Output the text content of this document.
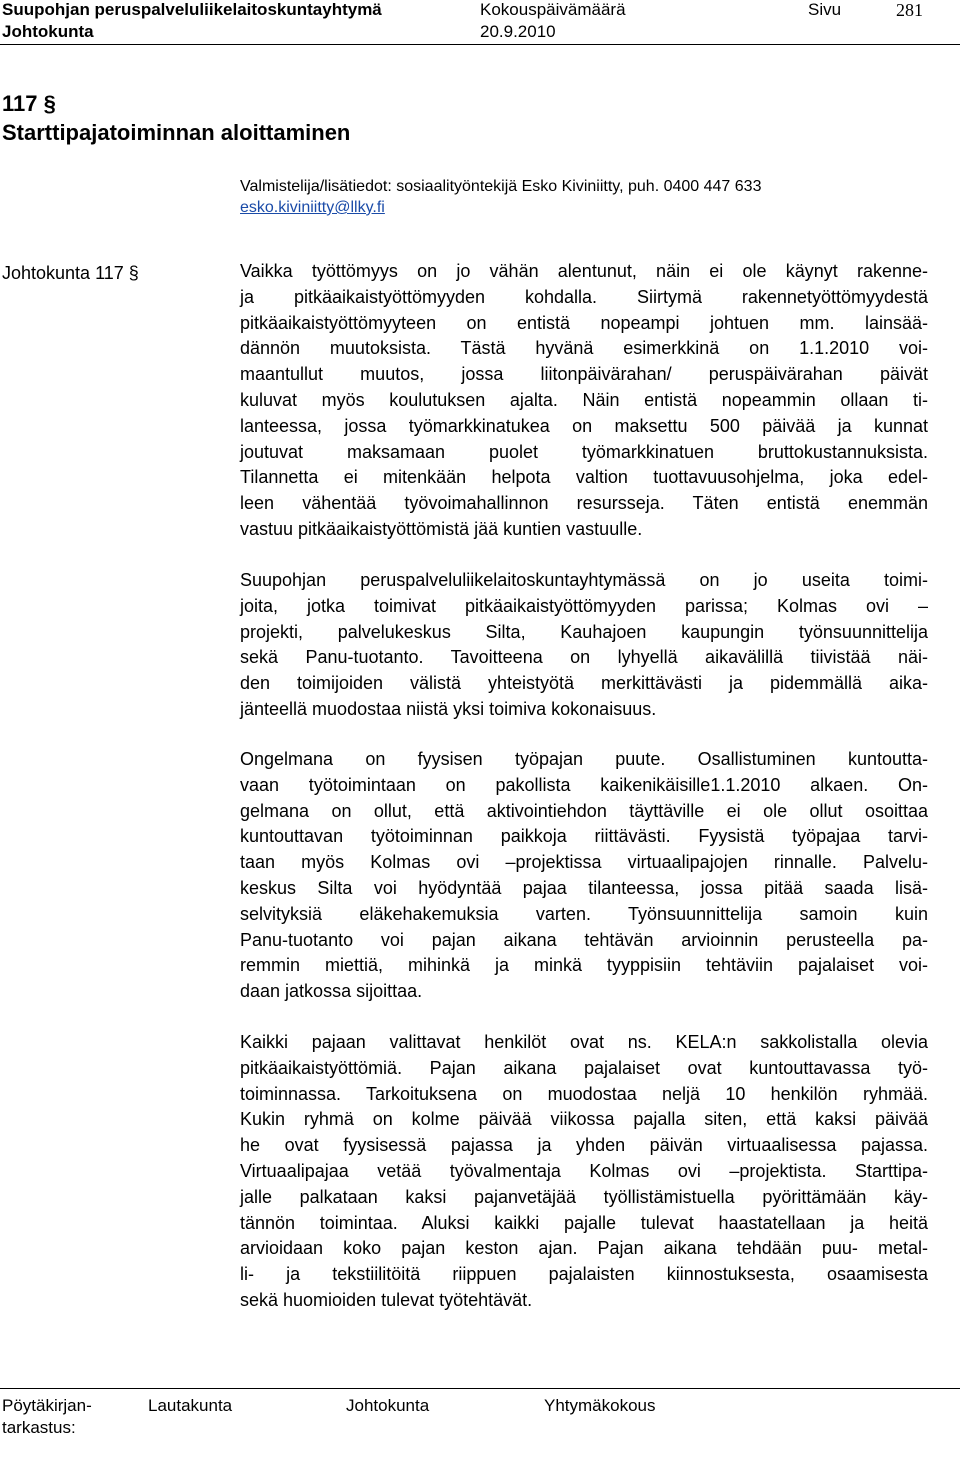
Suupohjan peruspalveluliikelaitoskuntayhtymä	Kokouspäivämäärä	Sivu	281
Johtokunta	20.9.2010
117 §
Starttipajatoiminnan aloittaminen
Valmistelija/lisätiedot: sosiaalityöntekijä Esko Kiviniitty, puh. 0400 447 633
esko.kiviniitty@llky.fi
Johtokunta 117 §	Vaikka työttömyys on jo vähän alentunut, näin ei ole käynyt rakenne-
ja pitkäaikaistyöttömyyden kohdalla. Siirtymä rakennetyöttömyydestä
pitkäaikaistyöttömyyteen on entistä nopeampi johtuen mm. lainsää-
dännön muutoksista. Tästä hyvänä esimerkkinä on 1.1.2010 voi-
maantullut muutos, jossa liitonpäivärahan/ peruspäivärahan päivät
kuluvat myös koulutuksen ajalta. Näin entistä nopeammin ollaan ti-
lanteessa, jossa työmarkkinatukea on maksettu 500 päivää ja kunnat
joutuvat maksamaan puolet työmarkkinatuen bruttokustannuksista.
Tilannetta ei mitenkään helpota valtion tuottavuusohjelma, joka edel-
leen vähentää työvoimahallinnon resursseja. Täten entistä enemmän
vastuu pitkäaikaistyöttömistä jää kuntien vastuulle.
Suupohjan peruspalveluliikelaitoskuntayhtymässä on jo useita toimi-
joita, jotka toimivat pitkäaikaistyöttömyyden parissa; Kolmas ovi –
projekti, palvelukeskus Silta, Kauhajoen kaupungin työnsuunnittelija
sekä Panu-tuotanto. Tavoitteena on lyhyellä aikavälillä tiivistää näi-
den toimijoiden välistä yhteistyötä merkittävästi ja pidemmällä aika-
jänteellä muodostaa niistä yksi toimiva kokonaisuus.
Ongelmana on fyysisen työpajan puute. Osallistuminen kuntoutta-
vaan työtoimintaan on pakollista kaikenikäisille1.1.2010 alkaen. On-
gelmana on ollut, että aktivointiehdon täyttäville ei ole ollut osoittaa
kuntouttavan työtoiminnan paikkoja riittävästi. Fyysistä työpajaa tarvi-
taan myös Kolmas ovi –projektissa virtuaalipajojen rinnalle. Palvelu-
keskus Silta voi hyödyntää pajaa tilanteessa, jossa pitää saada lisä-
selvityksiä eläkehakemuksia varten. Työnsuunnittelija samoin kuin
Panu-tuotanto voi pajan aikana tehtävän arvioinnin perusteella pa-
remmin miettiä, mihinkä ja minkä tyyppisiin tehtäviin pajalaiset voi-
daan jatkossa sijoittaa.
Kaikki pajaan valittavat henkilöt ovat ns. KELA:n sakkolistalla olevia
pitkäaikaistyöttömiä. Pajan aikana pajalaiset ovat kuntouttavassa työ-
toiminnassa. Tarkoituksena on muodostaa neljä 10 henkilön ryhmää.
Kukin ryhmä on kolme päivää viikossa pajalla siten, että kaksi päivää
he ovat fyysisessä pajassa ja yhden päivän virtuaalisessa pajassa.
Virtuaalipajaa vetää työvalmentaja Kolmas ovi –projektista. Starttipa-
jalle palkataan kaksi pajanvetäjää työllistämistuella pyörittämään käy-
tännön toimintaa. Aluksi kaikki pajalle tulevat haastatellaan ja heitä
arvioidaan koko pajan keston ajan. Pajan aikana tehdään puu- metal-
li- ja tekstiilitöitä riippuen pajalaisten kiinnostuksesta, osaamisesta
sekä huomioiden tulevat työtehtävät.
Pöytäkirjan-
tarkastus:
Lautakunta	Johtokunta	Yhtymäkokous
